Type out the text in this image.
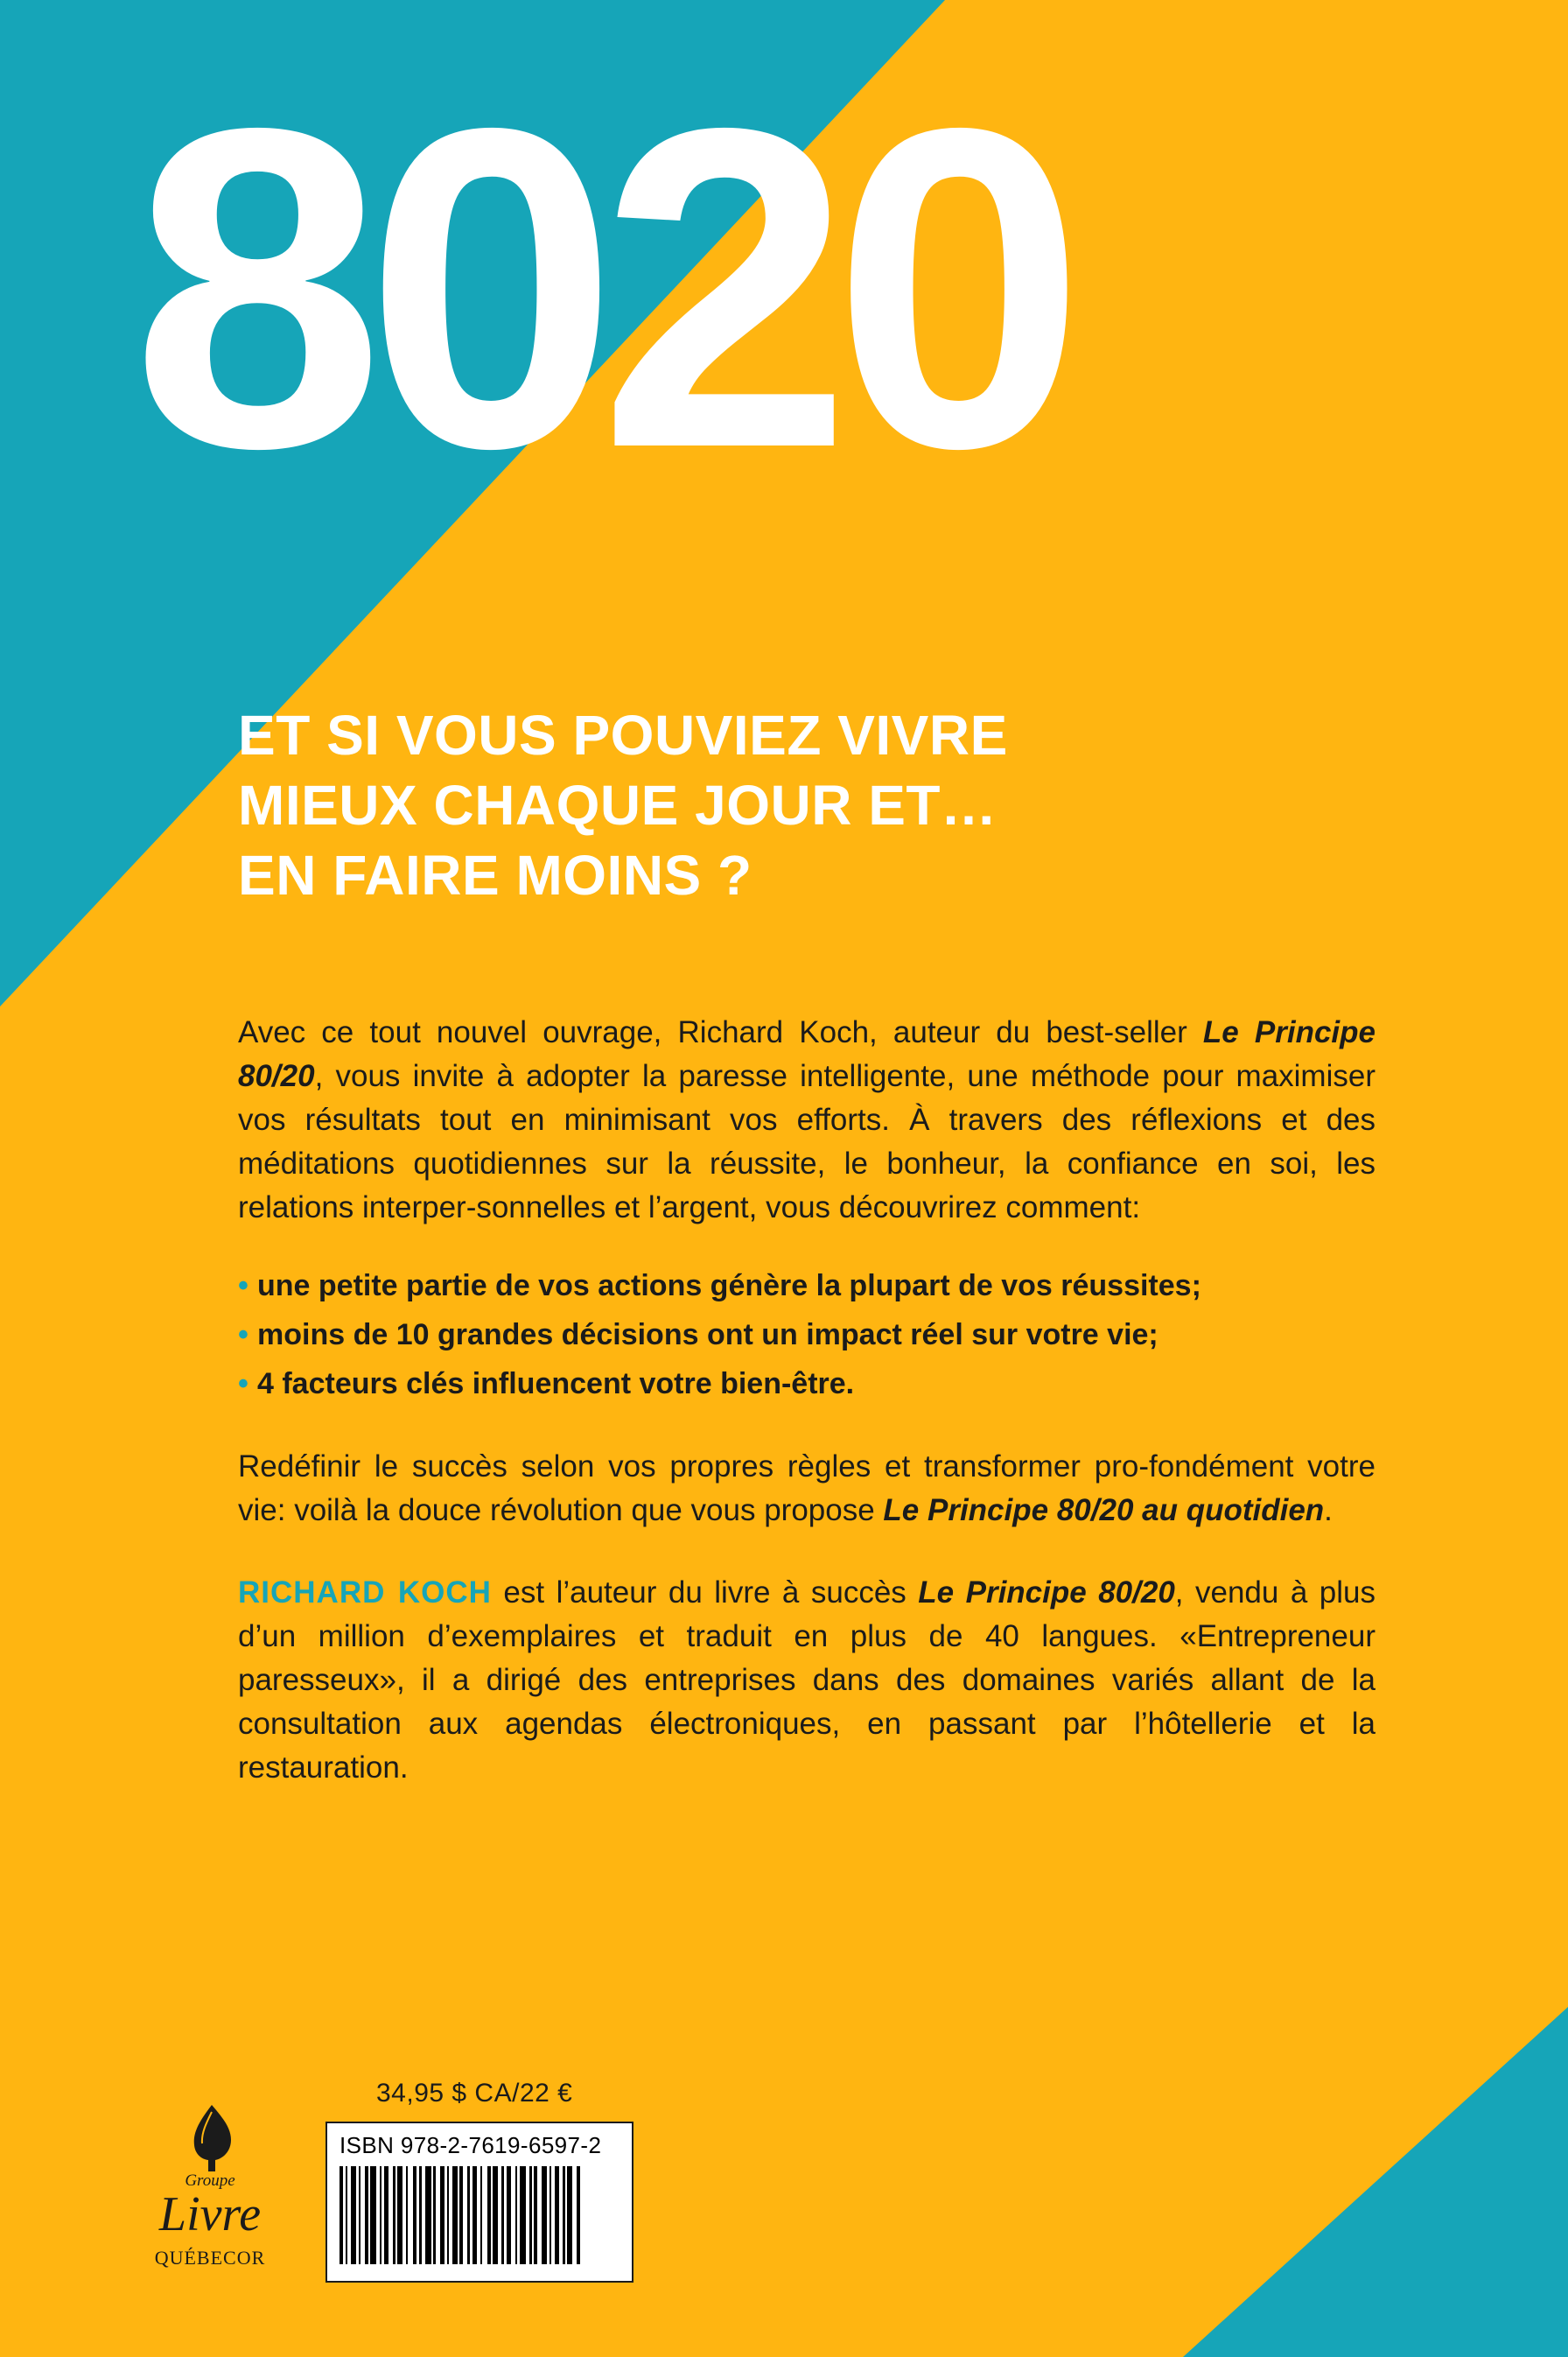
8020
ET SI VOUS POUVIEZ VIVRE
MIEUX CHAQUE JOUR ET…
EN FAIRE MOINS ?

Avec ce tout nouvel ouvrage, Richard Koch, auteur du best-seller Le Principe 80/20, vous invite à adopter la paresse intelligente, une méthode pour maximiser vos résultats tout en minimisant vos efforts. À travers des réflexions et des méditations quotidiennes sur la réussite, le bonheur, la confiance en soi, les relations interper-sonnelles et l’argent, vous découvrirez comment:

• une petite partie de vos actions génère la plupart de vos réussites;
• moins de 10 grandes décisions ont un impact réel sur votre vie;
• 4 facteurs clés influencent votre bien-être.

Redéfinir le succès selon vos propres règles et transformer pro-fondément votre vie: voilà la douce révolution que vous propose Le Principe 80/20 au quotidien.

RICHARD KOCH est l’auteur du livre à succès Le Principe 80/20, vendu à plus d’un million d’exemplaires et traduit en plus de 40 langues. «Entrepreneur paresseux», il a dirigé des entreprises dans des domaines variés allant de la consultation aux agendas électroniques, en passant par l’hôtellerie et la restauration.

34,95 $ CA/22 €
Groupe
Livre
QUÉBECOR
ISBN 978-2-7619-6597-2
